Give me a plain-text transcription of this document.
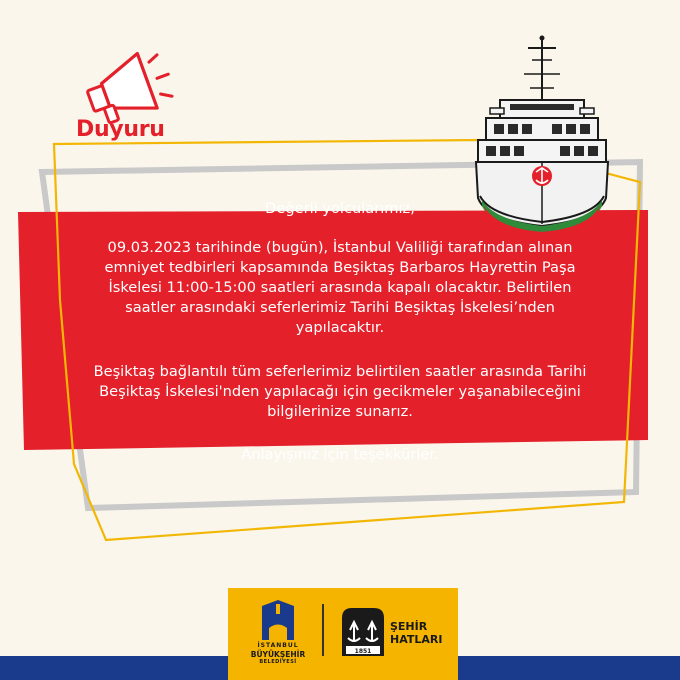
Duyuru

Değerli yolcularımız,

09.03.2023 tarihinde (bugün), İstanbul Valiliği tarafından alınan emniyet tedbirleri kapsamında Beşiktaş Barbaros Hayrettin Paşa İskelesi 11:00-15:00 saatleri arasında kapalı olacaktır. Belirtilen saatler arasındaki seferlerimiz Tarihi Beşiktaş İskelesi’nden yapılacaktır.

Beşiktaş bağlantılı tüm seferlerimiz belirtilen saatler arasında Tarihi Beşiktaş İskelesi'nden yapılacağı için gecikmeler yaşanabileceğini bilgilerinize sunarız.

Anlayışınız için teşekkürler.

İSTANBUL

BÜYÜKŞEHİR

BELEDİYESİ

1851

ŞEHİR

HATLARI
